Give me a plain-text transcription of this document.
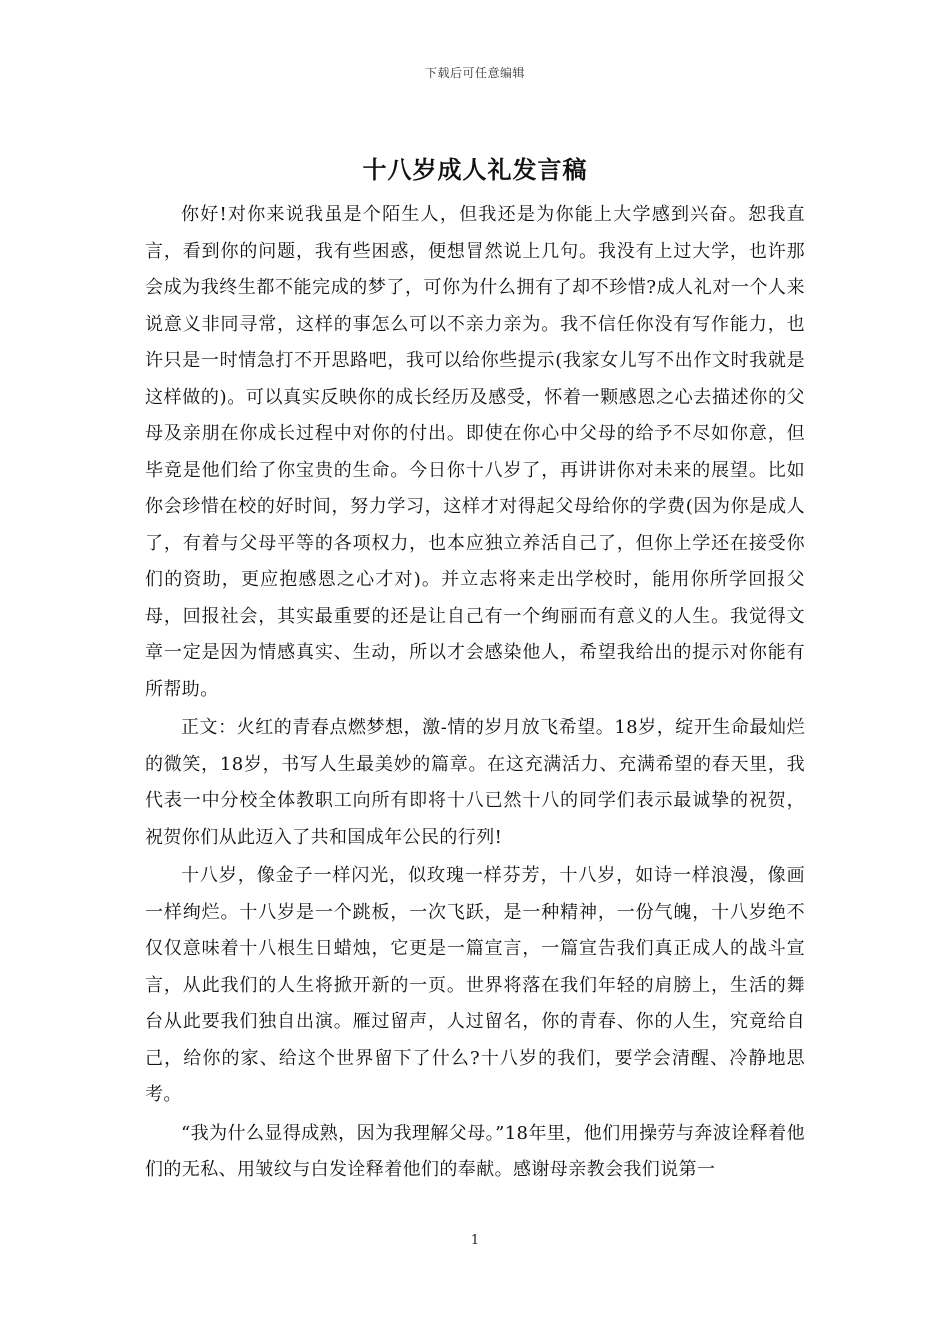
下载后可任意编辑
十八岁成人礼发言稿

你好!对你来说我虽是个陌生人，但我还是为你能上大学感到兴奋。恕我直言，看到你的问题，我有些困惑，便想冒然说上几句。我没有上过大学，也许那会成为我终生都不能完成的梦了，可你为什么拥有了却不珍惜?成人礼对一个人来说意义非同寻常，这样的事怎么可以不亲力亲为。我不信任你没有写作能力，也许只是一时情急打不开思路吧，我可以给你些提示(我家女儿写不出作文时我就是这样做的)。可以真实反映你的成长经历及感受，怀着一颗感恩之心去描述你的父母及亲朋在你成长过程中对你的付出。即使在你心中父母的给予不尽如你意，但毕竟是他们给了你宝贵的生命。今日你十八岁了，再讲讲你对未来的展望。比如你会珍惜在校的好时间，努力学习，这样才对得起父母给你的学费(因为你是成人了，有着与父母平等的各项权力，也本应独立养活自己了，但你上学还在接受你们的资助，更应抱感恩之心才对)。并立志将来走出学校时，能用你所学回报父母，回报社会，其实最重要的还是让自己有一个绚丽而有意义的人生。我觉得文章一定是因为情感真实、生动，所以才会感染他人，希望我给出的提示对你能有所帮助。

正文：火红的青春点燃梦想，激-情的岁月放飞希望。18岁，绽开生命最灿烂的微笑，18岁，书写人生最美妙的篇章。在这充满活力、充满希望的春天里，我代表一中分校全体教职工向所有即将十八已然十八的同学们表示最诚挚的祝贺，祝贺你们从此迈入了共和国成年公民的行列!

十八岁，像金子一样闪光，似玫瑰一样芬芳，十八岁，如诗一样浪漫，像画一样绚烂。十八岁是一个跳板，一次飞跃，是一种精神，一份气魄，十八岁绝不仅仅意味着十八根生日蜡烛，它更是一篇宣言，一篇宣告我们真正成人的战斗宣言，从此我们的人生将掀开新的一页。世界将落在我们年轻的肩膀上，生活的舞台从此要我们独自出演。雁过留声，人过留名，你的青春、你的人生，究竟给自己，给你的家、给这个世界留下了什么?十八岁的我们，要学会清醒、冷静地思考。

“我为什么显得成熟，因为我理解父母。”18年里，他们用操劳与奔波诠释着他们的无私、用皱纹与白发诠释着他们的奉献。感谢母亲教会我们说第一

1
